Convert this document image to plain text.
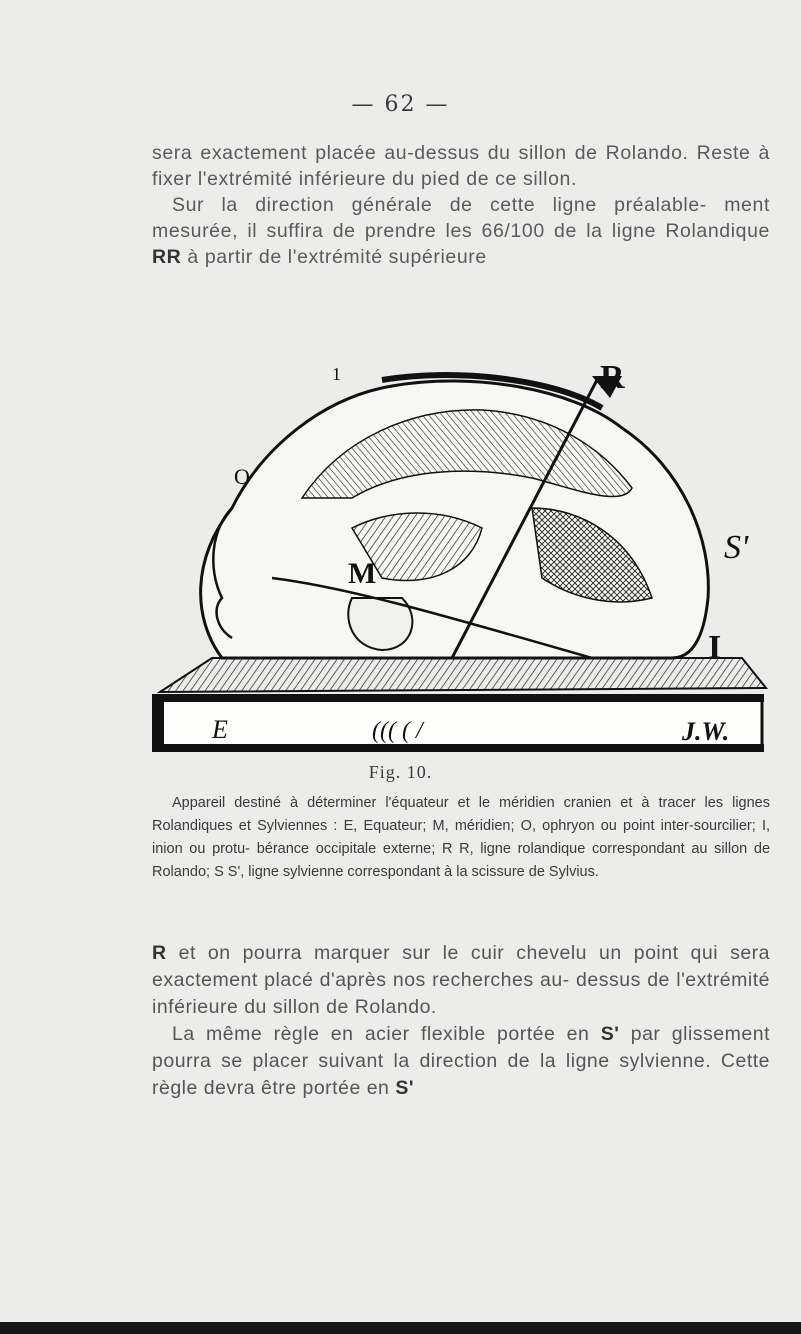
— 62 —

sera exactement placée au-dessus du sillon de Rolando. Reste à fixer l'extrémité inférieure du pied de ce sillon.
Sur la direction générale de cette ligne préalable- ment mesurée, il suffira de prendre les 66/100 de la ligne Rolandique RR à partir de l'extrémité supérieure

R
O
1
M
S'
I
E	((( ( /	J.W.
Fig. 10.

Appareil destiné à déterminer l'équateur et le méridien cranien et à tracer les lignes Rolandiques et Sylviennes : E, Equateur; M, méridien; O, ophryon ou point inter-sourcilier; I, inion ou protu- bérance occipitale externe; R R, ligne rolandique correspondant au sillon de Rolando; S S', ligne sylvienne correspondant à la scissure de Sylvius.

R et on pourra marquer sur le cuir chevelu un point qui sera exactement placé d'après nos recherches au- dessus de l'extrémité inférieure du sillon de Rolando.
La même règle en acier flexible portée en S' par glissement pourra se placer suivant la direction de la ligne sylvienne. Cette règle devra être portée en S'
